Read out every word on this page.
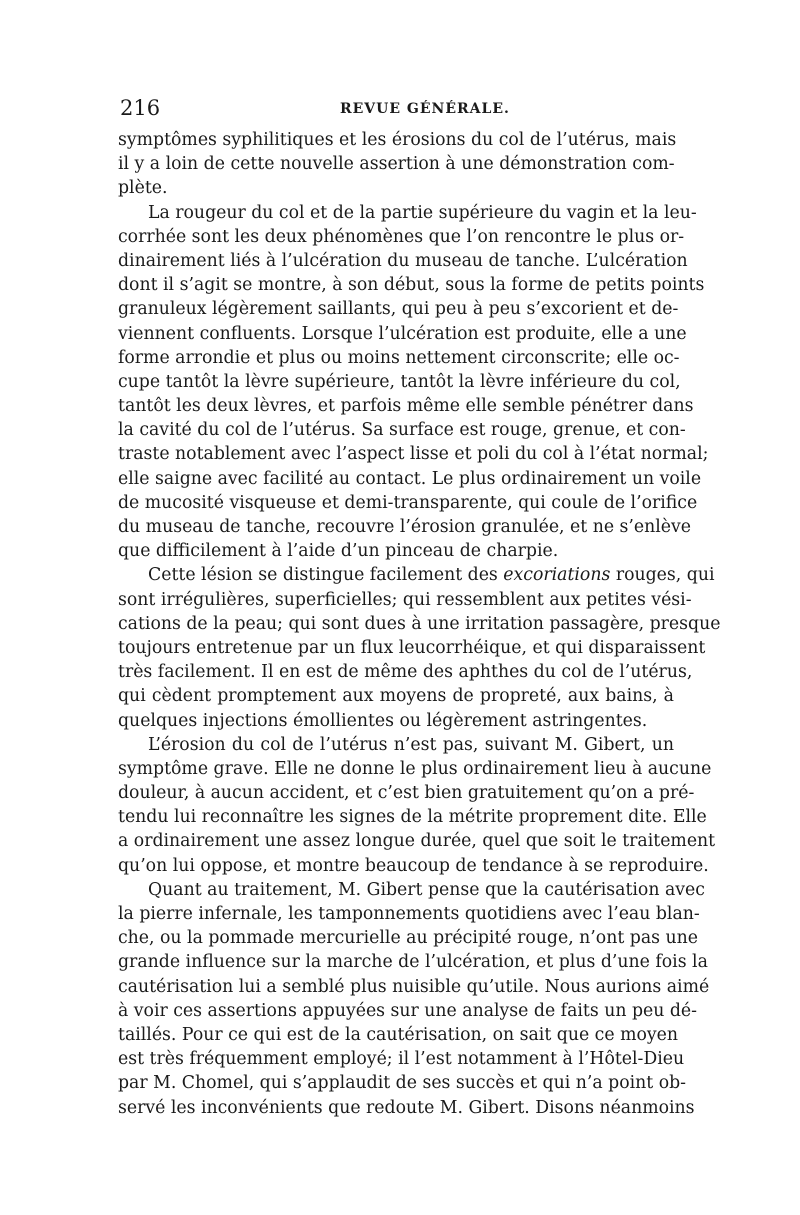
216	REVUE GÉNÉRALE.
symptômes syphilitiques et les érosions du col de l’utérus, mais
il y a loin de cette nouvelle assertion à une démonstration com-
plète.
La rougeur du col et de la partie supérieure du vagin et la leu-
corrhée sont les deux phénomènes que l’on rencontre le plus or-
dinairement liés à l’ulcération du museau de tanche. L’ulcération
dont il s’agit se montre, à son début, sous la forme de petits points
granuleux légèrement saillants, qui peu à peu s’excorient et de-
viennent confluents. Lorsque l’ulcération est produite, elle a une
forme arrondie et plus ou moins nettement circonscrite; elle oc-
cupe tantôt la lèvre supérieure, tantôt la lèvre inférieure du col,
tantôt les deux lèvres, et parfois même elle semble pénétrer dans
la cavité du col de l’utérus. Sa surface est rouge, grenue, et con-
traste notablement avec l’aspect lisse et poli du col à l’état normal;
elle saigne avec facilité au contact. Le plus ordinairement un voile
de mucosité visqueuse et demi-transparente, qui coule de l’orifice
du museau de tanche, recouvre l’érosion granulée, et ne s’enlève
que difficilement à l’aide d’un pinceau de charpie.
Cette lésion se distingue facilement des excoriations rouges, qui
sont irrégulières, superficielles; qui ressemblent aux petites vési-
cations de la peau; qui sont dues à une irritation passagère, presque
toujours entretenue par un flux leucorrhéique, et qui disparaissent
très facilement. Il en est de même des aphthes du col de l’utérus,
qui cèdent promptement aux moyens de propreté, aux bains, à
quelques injections émollientes ou légèrement astringentes.
L’érosion du col de l’utérus n’est pas, suivant M. Gibert, un
symptôme grave. Elle ne donne le plus ordinairement lieu à aucune
douleur, à aucun accident, et c’est bien gratuitement qu’on a pré-
tendu lui reconnaître les signes de la métrite proprement dite. Elle
a ordinairement une assez longue durée, quel que soit le traitement
qu’on lui oppose, et montre beaucoup de tendance à se reproduire.
Quant au traitement, M. Gibert pense que la cautérisation avec
la pierre infernale, les tamponnements quotidiens avec l’eau blan-
che, ou la pommade mercurielle au précipité rouge, n’ont pas une
grande influence sur la marche de l’ulcération, et plus d’une fois la
cautérisation lui a semblé plus nuisible qu’utile. Nous aurions aimé
à voir ces assertions appuyées sur une analyse de faits un peu dé-
taillés. Pour ce qui est de la cautérisation, on sait que ce moyen
est très fréquemment employé; il l’est notamment à l’Hôtel-Dieu
par M. Chomel, qui s’applaudit de ses succès et qui n’a point ob-
servé les inconvénients que redoute M. Gibert. Disons néanmoins
